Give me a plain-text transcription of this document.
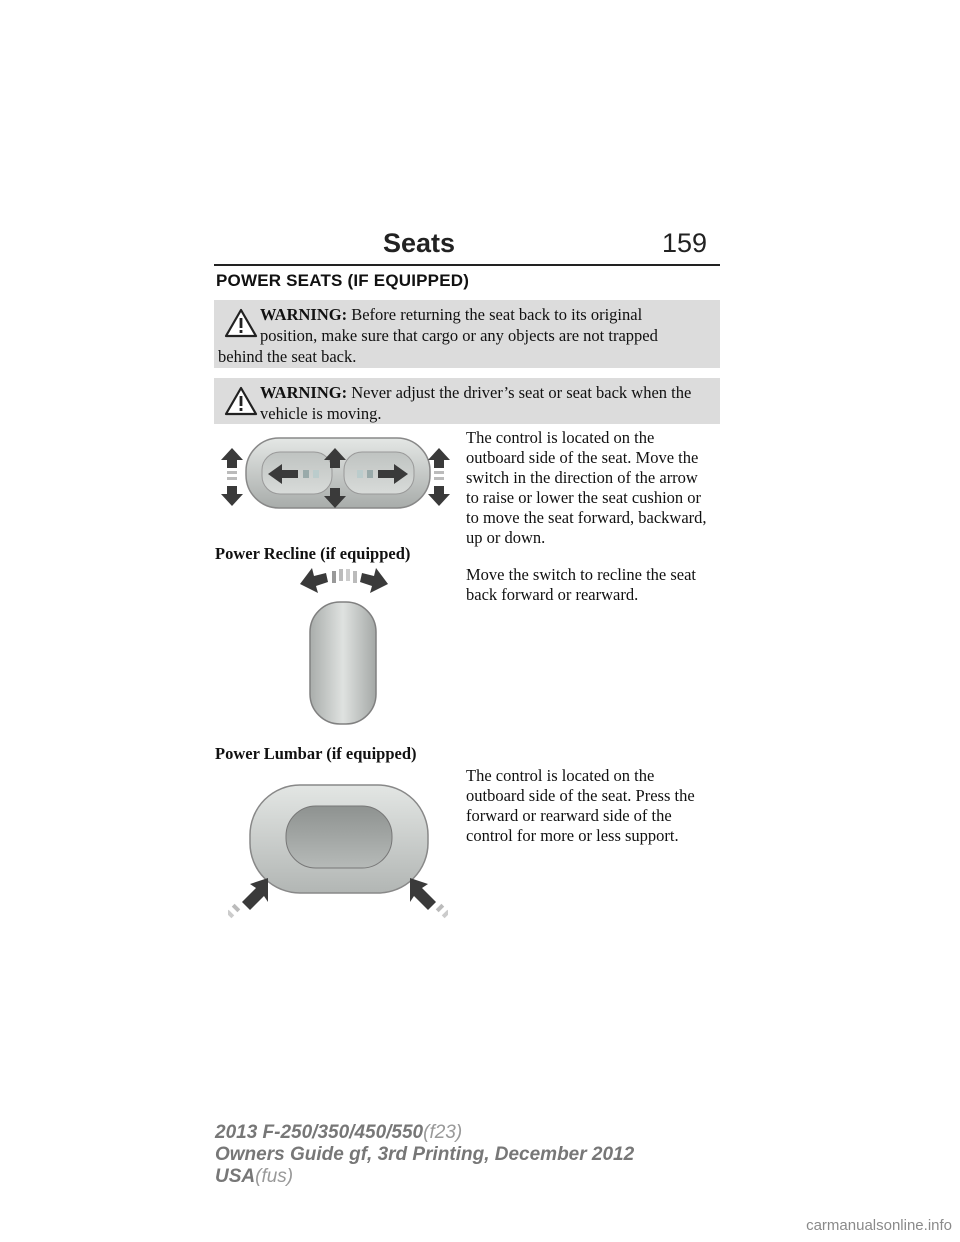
Seats	159
POWER SEATS (IF EQUIPPED)
WARNING: Before returning the seat back to its original
position, make sure that cargo or any objects are not trapped
behind the seat back.
WARNING: Never adjust the driver’s seat or seat back when the
vehicle is moving.
The control is located on the
outboard side of the seat. Move the
switch in the direction of the arrow
to raise or lower the seat cushion or
to move the seat forward, backward,
up or down.
Power Recline (if equipped)
Move the switch to recline the seat
back forward or rearward.
Power Lumbar (if equipped)
The control is located on the
outboard side of the seat. Press the
forward or rearward side of the
control for more or less support.
2013 F-250/350/450/550(f23)
Owners Guide gf, 3rd Printing, December 2012
USA(fus)
carmanualsonline.info
